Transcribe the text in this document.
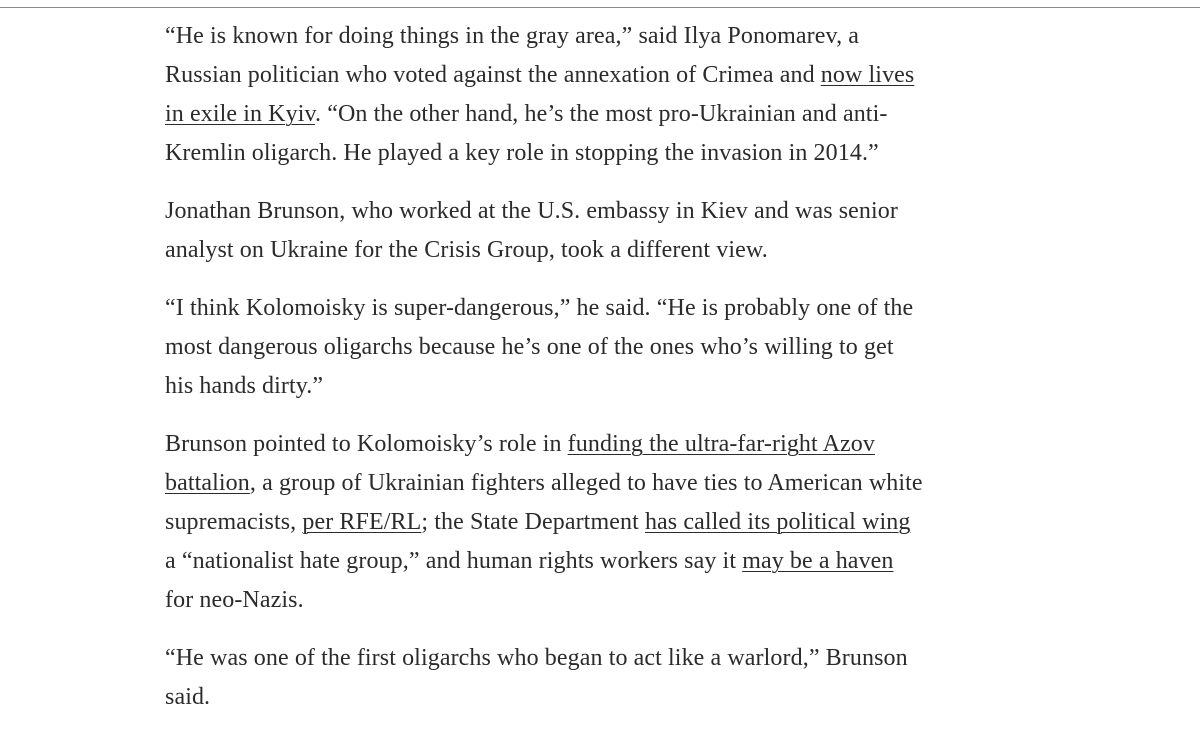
“He is known for doing things in the gray area,” said Ilya Ponomarev, a Russian politician who voted against the annexation of Crimea and now lives in exile in Kyiv. “On the other hand, he’s the most pro-Ukrainian and anti-Kremlin oligarch. He played a key role in stopping the invasion in 2014.”

Jonathan Brunson, who worked at the U.S. embassy in Kiev and was senior analyst on Ukraine for the Crisis Group, took a different view.

“I think Kolomoisky is super-dangerous,” he said. “He is probably one of the most dangerous oligarchs because he’s one of the ones who’s willing to get his hands dirty.”

Brunson pointed to Kolomoisky’s role in funding the ultra-far-right Azov battalion, a group of Ukrainian fighters alleged to have ties to American white supremacists, per RFE/RL; the State Department has called its political wing a “nationalist hate group,” and human rights workers say it may be a haven for neo-Nazis.

“He was one of the first oligarchs who began to act like a warlord,” Brunson said.
